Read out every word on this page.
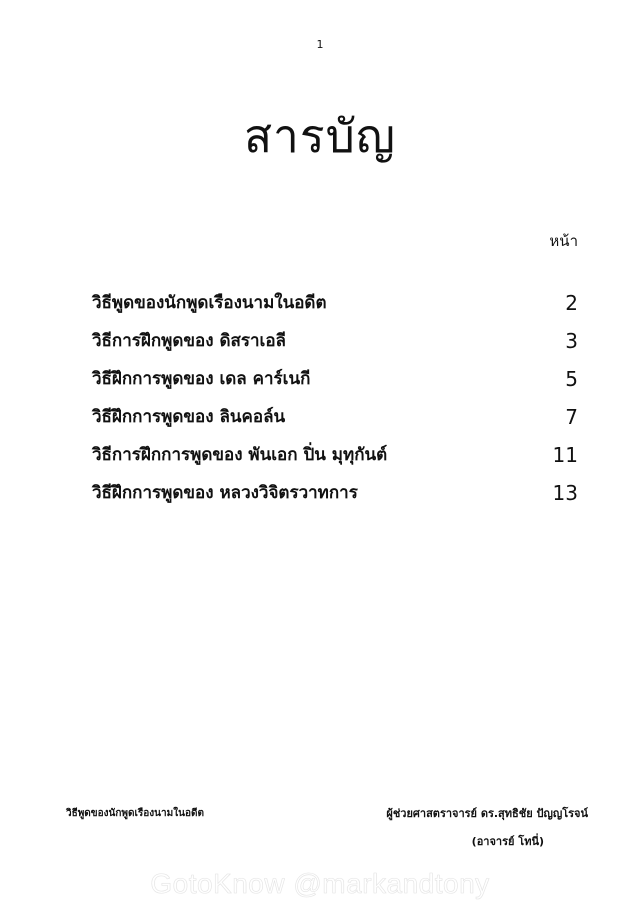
1
สารบัญ
หน้า
วิธีพูดของนักพูดเรืองนามในอดีต	2
วิธีการฝึกพูดของ ดิสราเอลี	3
วิธีฝึกการพูดของ เดล คาร์เนกี	5
วิธีฝึกการพูดของ ลินคอล์น	7
วิธีการฝึกการพูดของ พันเอก ปิ่น มุทุกันต์	11
วิธีฝึกการพูดของ หลวงวิจิตรวาทการ	13
วิธีพูดของนักพูดเรืองนามในอดีต	ผู้ช่วยศาสตราจารย์ ดร.สุทธิชัย ปัญญโรจน์
(อาจารย์ โทนี่)
GotoKnow @markandtony
